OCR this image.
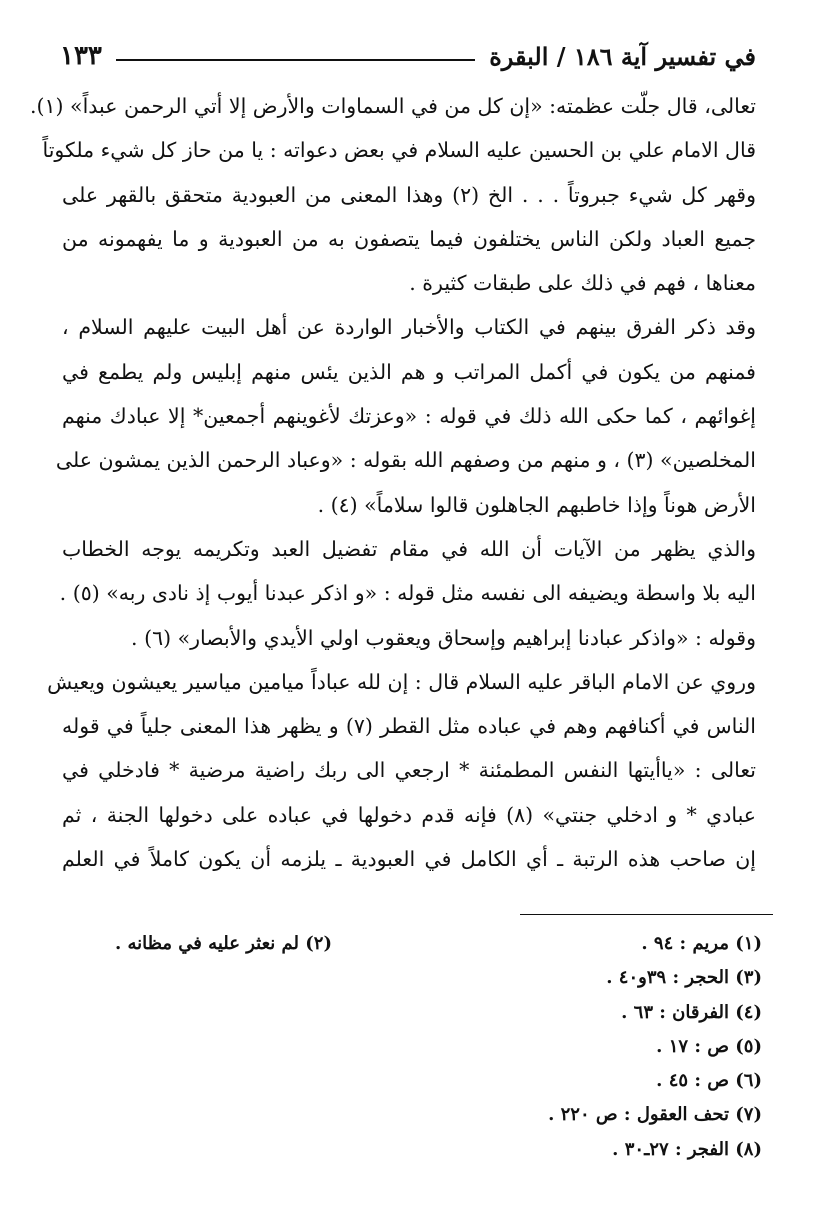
في تفسير آية ١٨٦ / البقرة
١٣٣
تعالى، قال جلّت عظمته: «إن كل من في السماوات والأرض إلا أتي الرحمن عبداً» (١).
قال الامام علي بن الحسين عليه السلام في بعض دعواته : يا من حاز كل شيء ملكوتاً
وقهر كل شيء جبروتاً . . . الخ (٢) وهذا المعنى من العبودية متحقق بالقهر على
جميع العباد ولكن الناس يختلفون فيما يتصفون به من العبودية و ما يفهمونه من
معناها ، فهم في ذلك على طبقات كثيرة .
وقد ذكر الفرق بينهم في الكتاب والأخبار الواردة عن أهل البيت عليهم السلام ،
فمنهم من يكون في أكمل المراتب و هم الذين يئس منهم إبليس ولم يطمع في
إغوائهم ، كما حكى الله ذلك في قوله : «وعزتك لأغوينهم أجمعين* إلا عبادك منهم
المخلصين» (٣) ، و منهم من وصفهم الله بقوله : «وعباد الرحمن الذين يمشون على
الأرض هوناً وإذا خاطبهم الجاهلون قالوا سلاماً» (٤) .
والذي يظهر من الآيات أن الله في مقام تفضيل العبد وتكريمه يوجه الخطاب
اليه بلا واسطة ويضيفه الى نفسه مثل قوله : «و اذكر عبدنا أيوب إذ نادى ربه» (٥) .
وقوله : «واذكر عبادنا إبراهيم وإسحاق ويعقوب اولي الأيدي والأبصار» (٦) .
وروي عن الامام الباقر عليه السلام قال : إن لله عباداً ميامين مياسير يعيشون ويعيش
الناس في أكنافهم وهم في عباده مثل القطر (٧) و يظهر هذا المعنى جلياً في قوله
تعالى : «ياأيتها النفس المطمئنة * ارجعي الى ربك راضية مرضية * فادخلي في
عبادي * و ادخلي جنتي» (٨) فإنه قدم دخولها في عباده على دخولها الجنة ، ثم
إن صاحب هذه الرتبة ـ أي الكامل في العبودية ـ يلزمه أن يكون كاملاً في العلم
(١) مريم : ٩٤ .
(٢) لم نعثر عليه في مظانه .
(٣) الحجر : ٣٩و٤٠ .
(٤) الفرقان : ٦٣ .
(٥) ص : ١٧ .
(٦) ص : ٤٥ .
(٧) تحف العقول : ص ٢٢٠ .
(٨) الفجر : ٢٧ـ٣٠ .
